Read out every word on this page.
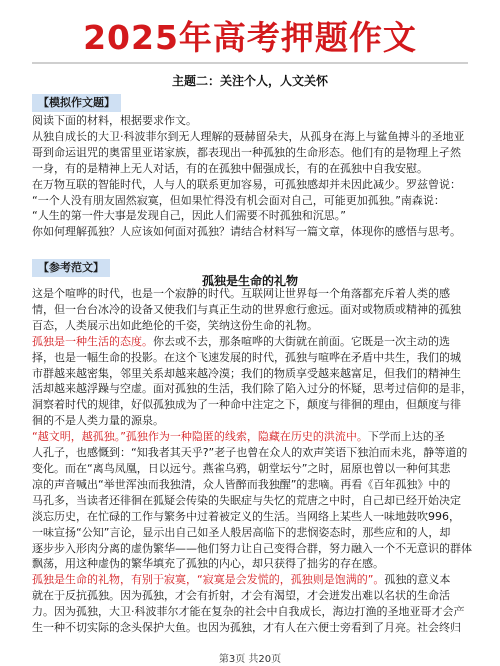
2025年高考押题作文
主题二：关注个人，人文关怀
【模拟作文题】

阅读下面的材料，根据要求作文。

从独自成长的大卫·科波菲尔到无人理解的聂赫留朵夫，从孤身在海上与鲨鱼搏斗的圣地亚

哥到命运诅咒的奥雷里亚诺家族，都表现出一种孤独的生命形态。他们有的是物理上孑然

一身，有的是精神上无人对话，有的在孤独中倔强成长，有的在孤独中自我安慰。

在万物互联的智能时代，人与人的联系更加容易，可孤独感却并未因此减少。罗兹曾说：

“一个人没有朋友固然寂寞，但如果忙得没有机会面对自己，可能更加孤独。”南森说：

“人生的第一件大事是发现自己，因此人们需要不时孤独和沉思。”

你如何理解孤独？人应该如何面对孤独？请结合材料写一篇文章，体现你的感悟与思考。

【参考范文】
孤独是生命的礼物

这是个喧哗的时代，也是一个寂静的时代。互联网让世界每一个角落都充斥着人类的感

情，但一台台冰冷的设备又使我们与真正生动的世界愈行愈远。面对或物质或精神的孤独

百态，人类展示出如此绝伦的千姿，笑纳这份生命的礼物。

孤独是一种生活的态度。你去或不去，那条喧哗的大街就在前面。它既是一次主动的选

择，也是一幅生命的投影。在这个飞速发展的时代，孤独与喧哗在矛盾中共生，我们的城

市群越来越密集，邻里关系却越来越冷漠；我们的物质享受越来越富足，但我们的精神生

活却越来越浮躁与空虚。面对孤独的生活，我们除了陷入过分的怀疑，思考过信仰的是非，

洞察着时代的规律，好似孤独成为了一种命中注定之下，颠度与徘徊的理由，但颠度与徘

徊的不是人类力量的源泉。

“越文明，越孤独。”孤独作为一种隐匿的线索，隐藏在历史的洪流中。下学而上达的圣

人孔子，也感慨到：“知我者其天乎?”老子也曾在众人的欢声笑语下独泊而未兆，静等道的

变化。而在“离鸟凤凰，日以远兮。燕雀乌鸦，朝堂坛兮”之时，屈原也曾以一种何其悲

凉的声音喊出“举世浑浊而我独清，众人皆醉而我独醒”的悲嘀。再看《百年孤独》中的

马孔多，当读者还徘徊在狐疑会传染的失眠症与失忆的荒唐之中时，自己却已经开始决定

淡忘历史，在忙碌的工作与繁务中过着被定义的生活。当网络上某些人一味地鼓吹996，

一味宣扬“公知”言论，显示出自己如圣人般居高临下的悲悯姿态时，那些应和的人，却

逐步步入形肉分离的虚伪繁华——他们努力让自己变得合群，努力融入一个不无意识的群体

飘荡，用这种虚伪的繁华填充了孤独的内心，却只获得了拙劣的存在感。

孤独是生命的礼物，有别于寂寞，“寂寞是会发慌的，孤独则是饱满的”。孤独的意义本

就在于反抗孤独。因为孤独，才会有折射，才会有渴望，才会迸发出难以名状的生命活

力。因为孤独，大卫·科波菲尔才能在复杂的社会中自我成长，海边打渔的圣地亚哥才会产

生一种不切实际的念头保护大鱼。也因为孤独，才有人在六便士旁看到了月亮。社会终归

第3页 共20页
